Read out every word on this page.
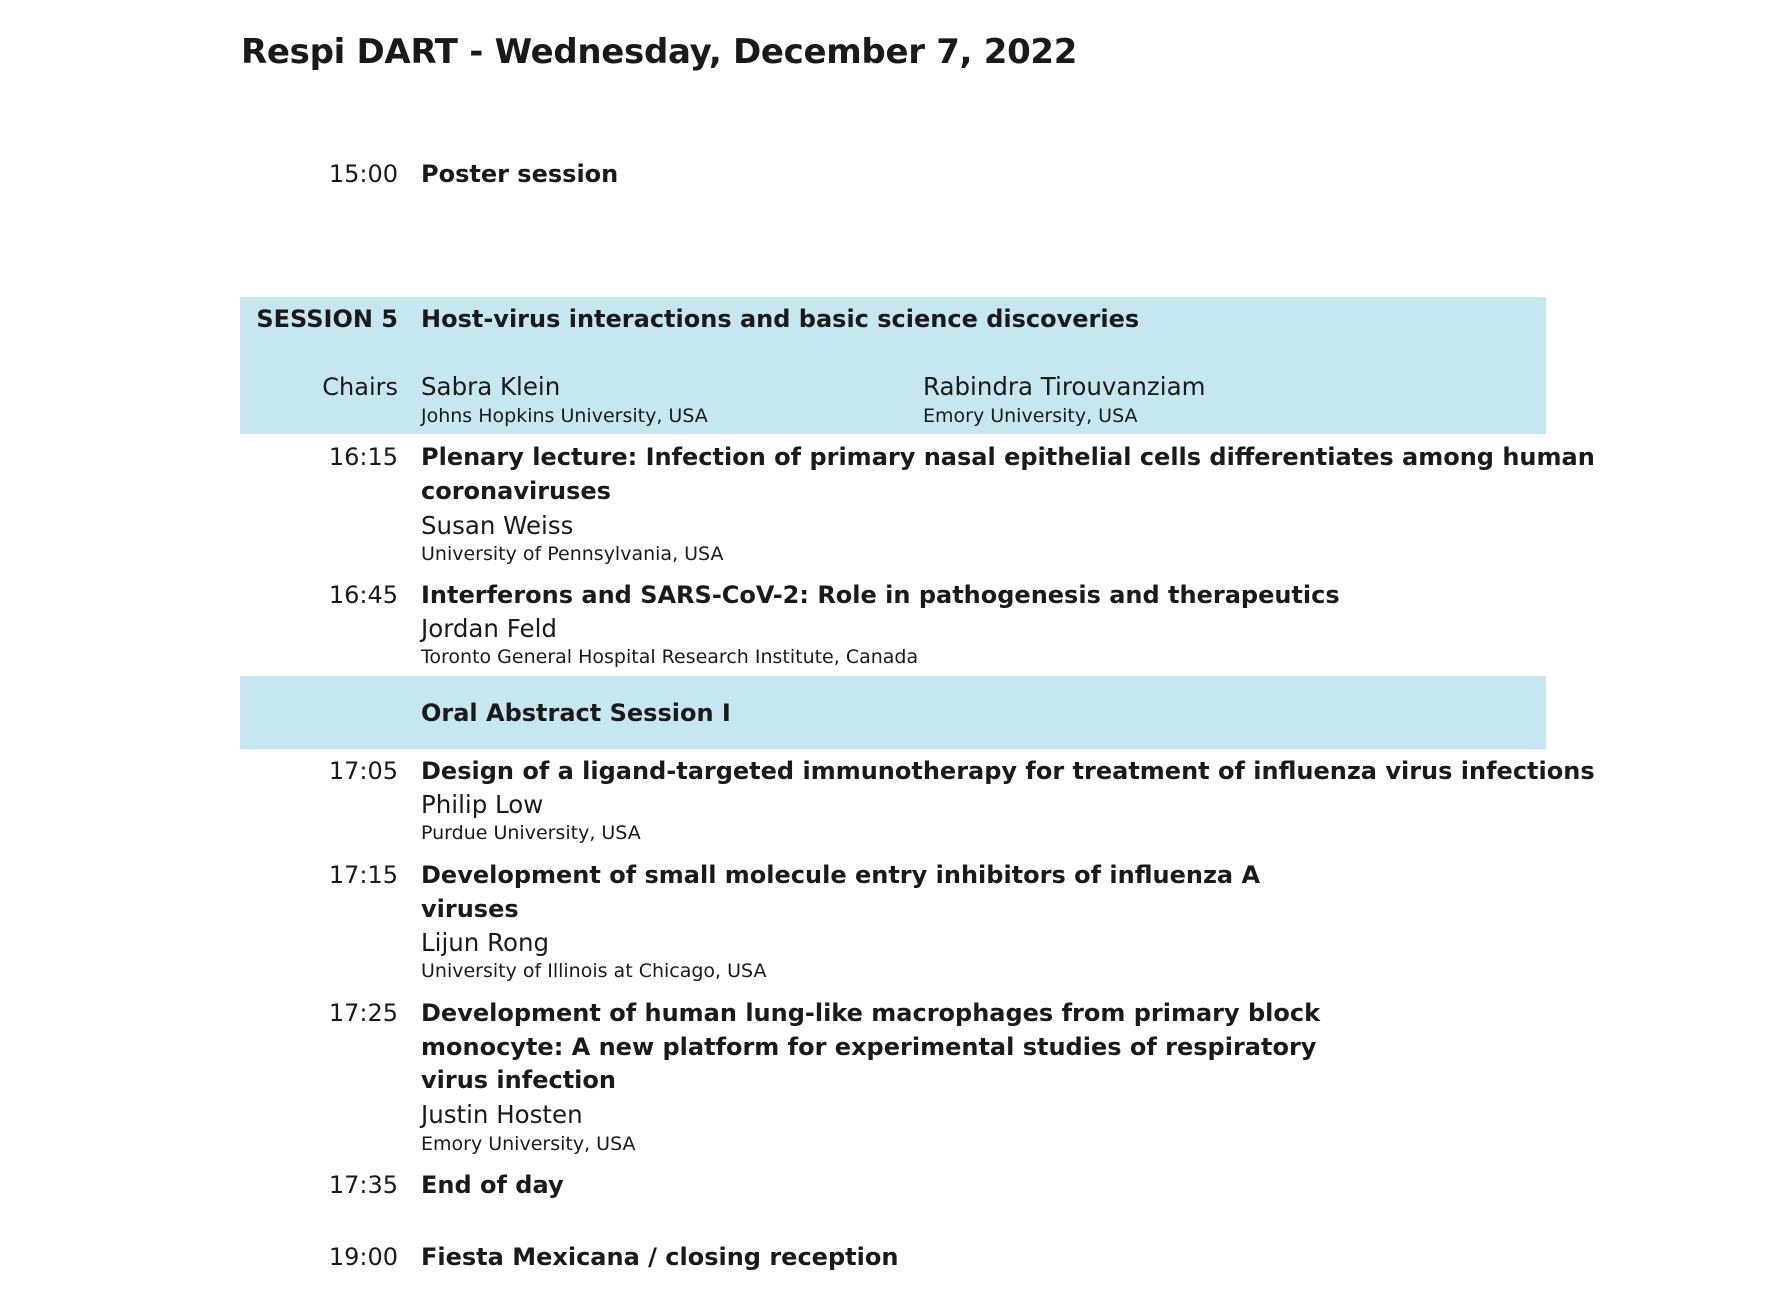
Respi DART - Wednesday, December 7, 2022
15:00 Poster session
SESSION 5 Host-virus interactions and basic science discoveries
Chairs Sabra Klein
Johns Hopkins University, USA
Rabindra Tirouvanziam
Emory University, USA
16:15 Plenary lecture: Infection of primary nasal epithelial cells differentiates among human
coronaviruses
Susan Weiss
University of Pennsylvania, USA
16:45 Interferons and SARS-CoV-2: Role in pathogenesis and therapeutics
Jordan Feld
Toronto General Hospital Research Institute, Canada
Oral Abstract Session I
17:05 Design of a ligand-targeted immunotherapy for treatment of influenza virus infections
Philip Low
Purdue University, USA
17:15 Development of small molecule entry inhibitors of influenza A
viruses
Lijun Rong
University of Illinois at Chicago, USA
17:25 Development of human lung-like macrophages from primary block
monocyte: A new platform for experimental studies of respiratory
virus infection
Justin Hosten
Emory University, USA
17:35 End of day
19:00 Fiesta Mexicana / closing reception
